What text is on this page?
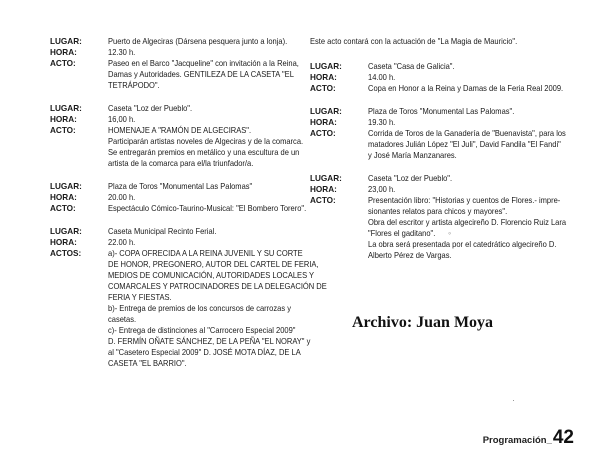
LUGAR:
HORA:
ACTO:
Puerto de Algeciras (Dársena pesquera junto a lonja).
12.30 h.
Paseo en el Barco "Jacqueline" con invitación a la Reina,
Damas y Autoridades. GENTILEZA DE LA CASETA "EL
TETRÁPODO".
LUGAR:
HORA:
ACTO:
Caseta "Loz der Pueblo".
16,00 h.
HOMENAJE A "RAMÓN DE ALGECIRAS".
Participarán artistas noveles de Algeciras y de la comarca.
Se entregarán premios en metálico y una escultura de un
artista de la comarca para el/la triunfador/a.
LUGAR:
HORA:
ACTO:
Plaza de Toros "Monumental Las Palomas"
20.00 h.
Espectáculo Cómico-Taurino-Musical: "El Bombero Torero".
LUGAR:
HORA:
ACTOS:
Caseta Municipal Recinto Ferial.
22.00 h.
a)- COPA OFRECIDA A LA REINA JUVENIL Y SU CORTE
DE HONOR, PREGONERO, AUTOR DEL CARTEL DE FERIA,
MEDIOS DE COMUNICACIÓN, AUTORIDADES LOCALES Y
COMARCALES Y PATROCINADORES DE LA DELEGACIÓN DE
FERIA Y FIESTAS.
b)- Entrega de premios de los concursos de carrozas y
casetas.
c)- Entrega de distinciones al "Carrocero Especial 2009"
D. FERMÍN OÑATE SÁNCHEZ, DE LA PEÑA "EL NORAY" y
al "Casetero Especial 2009" D. JOSÉ MOTA DÍAZ, DE LA
CASETA "EL BARRIO".
Este acto contará con la actuación de "La Magia de Mauricio".
LUGAR:
HORA:
ACTO:
Caseta "Casa de Galicia".
14.00 h.
Copa en Honor a la Reina y Damas de la Feria Real 2009.
LUGAR:
HORA:
ACTO:
Plaza de Toros "Monumental Las Palomas".
19.30 h.
Corrida de Toros de la Ganadería de "Buenavista", para los
matadores Julián López "El Juli", David Fandila "El Fandi"
y José María Manzanares.
LUGAR:
HORA:
ACTO:
Caseta "Loz der Pueblo".
23,00 h.
Presentación libro: "Historias y cuentos de Flores.- impre-
sionantes relatos para chicos y mayores".
Obra del escritor y artista algecireño D. Florencio Ruiz Lara
"Flores el gaditano".
La obra será presentada por el catedrático algecireño D.
Alberto Pérez de Vargas.
Archivo: Juan Moya
◦
·
Programación_ 42
